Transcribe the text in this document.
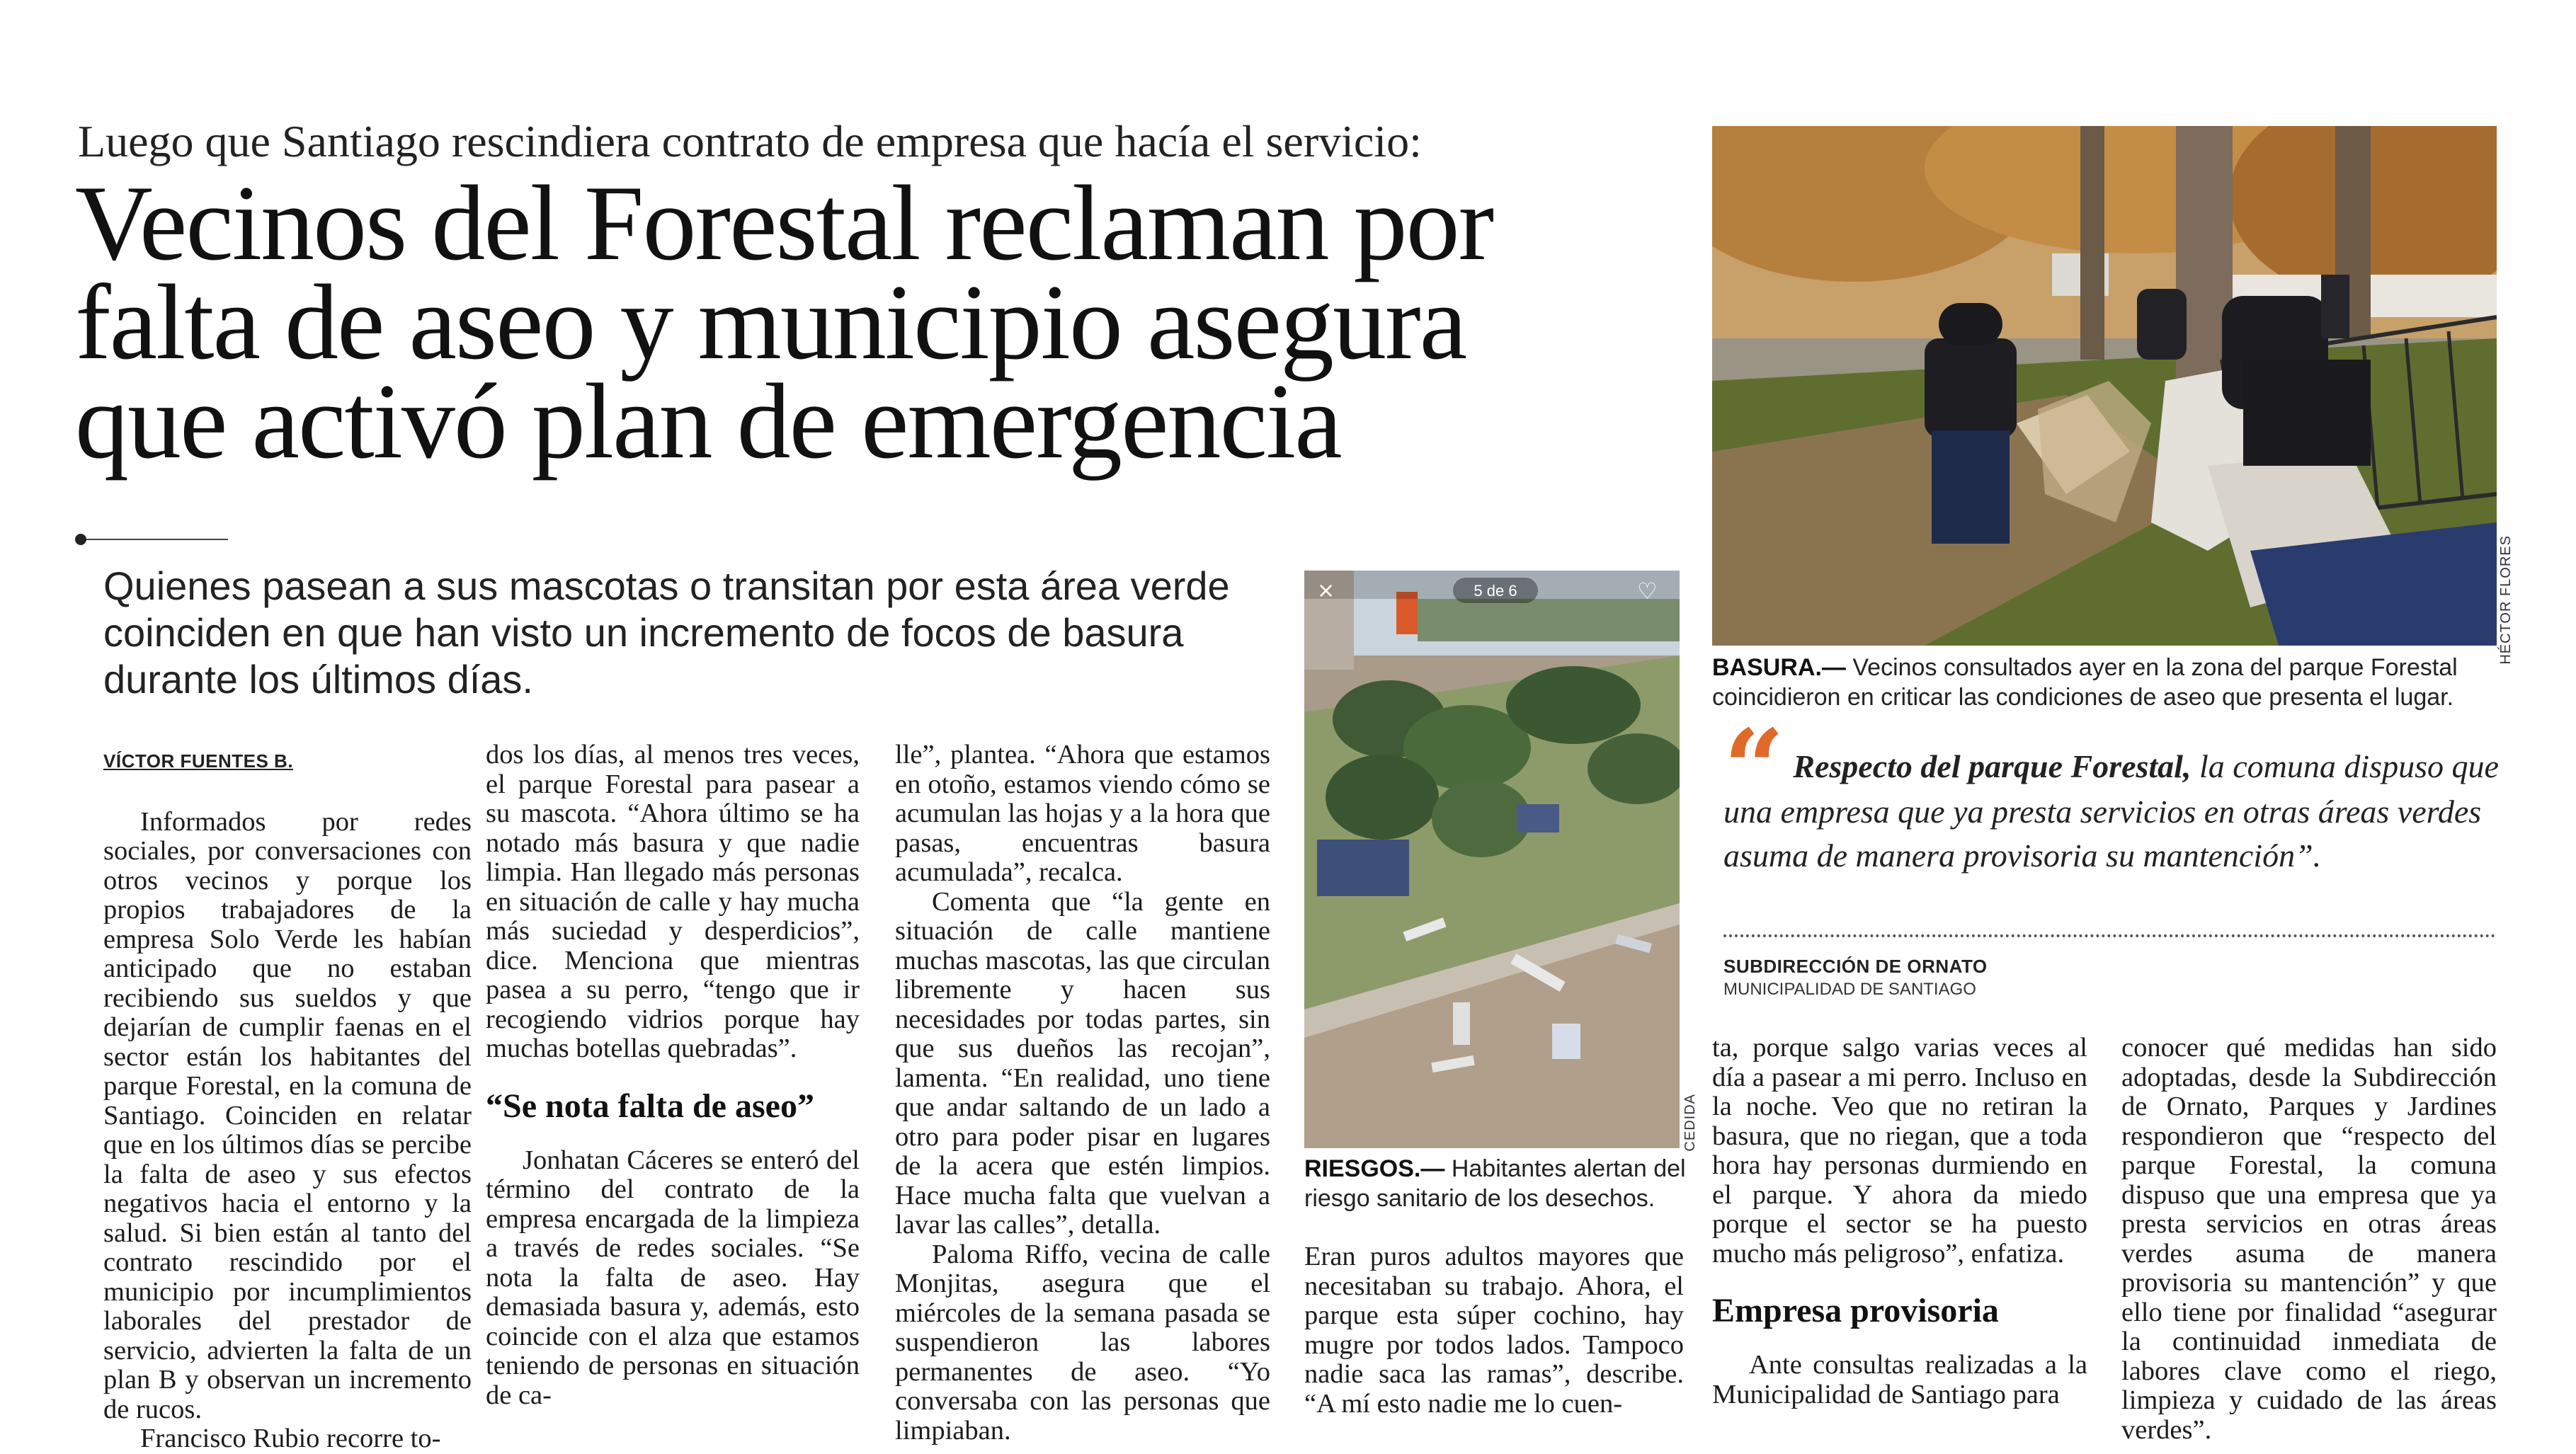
Luego que Santiago rescindiera contrato de empresa que hacía el servicio:
Vecinos del Forestal reclaman por
falta de aseo y municipio asegura
que activó plan de emergencia
Quienes pasean a sus mascotas o transitan por esta área verde
coinciden en que han visto un incremento de focos de basura
durante los últimos días.
VÍCTOR FUENTES B.

Informados por redes sociales, por conversaciones con otros vecinos y porque los propios trabajadores de la empresa Solo Verde les habían anticipado que no estaban recibiendo sus sueldos y que dejarían de cumplir faenas en el sector están los habitantes del parque Forestal, en la comuna de Santiago. Coinciden en relatar que en los últimos días se percibe la falta de aseo y sus efectos negativos hacia el entorno y la salud. Si bien están al tanto del contrato rescindido por el municipio por incumplimientos laborales del prestador de servicio, advierten la falta de un plan B y observan un incremento de rucos.

Francisco Rubio recorre to-

dos los días, al menos tres veces, el parque Forestal para pasear a su mascota. “Ahora último se ha notado más basura y que nadie limpia. Han llegado más personas en situación de calle y hay mucha más suciedad y desperdicios”, dice. Menciona que mientras pasea a su perro, “tengo que ir recogiendo vidrios porque hay muchas botellas quebradas”.

“Se nota falta de aseo”

Jonhatan Cáceres se enteró del término del contrato de la empresa encargada de la limpieza a través de redes sociales. “Se nota la falta de aseo. Hay demasiada basura y, además, esto coincide con el alza que estamos teniendo de personas en situación de ca-

lle”, plantea. “Ahora que estamos en otoño, estamos viendo cómo se acumulan las hojas y a la hora que pasas, encuentras basura acumulada”, recalca.

Comenta que “la gente en situación de calle mantiene muchas mascotas, las que circulan libremente y hacen sus necesidades por todas partes, sin que sus dueños las recojan”, lamenta. “En realidad, uno tiene que andar saltando de un lado a otro para poder pisar en lugares de la acera que estén limpios. Hace mucha falta que vuelvan a lavar las calles”, detalla.

Paloma Riffo, vecina de calle Monjitas, asegura que el miércoles de la semana pasada se suspendieron las labores permanentes de aseo. “Yo conversaba con las personas que limpiaban.

×	5 de 6	♡
CEDIDA
RIESGOS.— Habitantes alertan del riesgo sanitario de los desechos.

Eran puros adultos mayores que necesitaban su trabajo. Ahora, el parque esta súper cochino, hay mugre por todos lados. Tampoco nadie saca las ramas”, describe. “A mí esto nadie me lo cuen-

HÉCTOR FLORES
BASURA.— Vecinos consultados ayer en la zona del parque Forestal coincidieron en criticar las condiciones de aseo que presenta el lugar.
“ Respecto del parque Forestal, la comuna dispuso que una empresa que ya presta servicios en otras áreas verdes asuma de manera provisoria su mantención”.
SUBDIRECCIÓN DE ORNATO
MUNICIPALIDAD DE SANTIAGO

ta, porque salgo varias veces al día a pasear a mi perro. Incluso en la noche. Veo que no retiran la basura, que no riegan, que a toda hora hay personas durmiendo en el parque. Y ahora da miedo porque el sector se ha puesto mucho más peligroso”, enfatiza.

Empresa provisoria

Ante consultas realizadas a la Municipalidad de Santiago para

conocer qué medidas han sido adoptadas, desde la Subdirección de Ornato, Parques y Jardines respondieron que “respecto del parque Forestal, la comuna dispuso que una empresa que ya presta servicios en otras áreas verdes asuma de manera provisoria su mantención” y que ello tiene por finalidad “asegurar la continuidad inmediata de labores clave como el riego, limpieza y cuidado de las áreas verdes”.
